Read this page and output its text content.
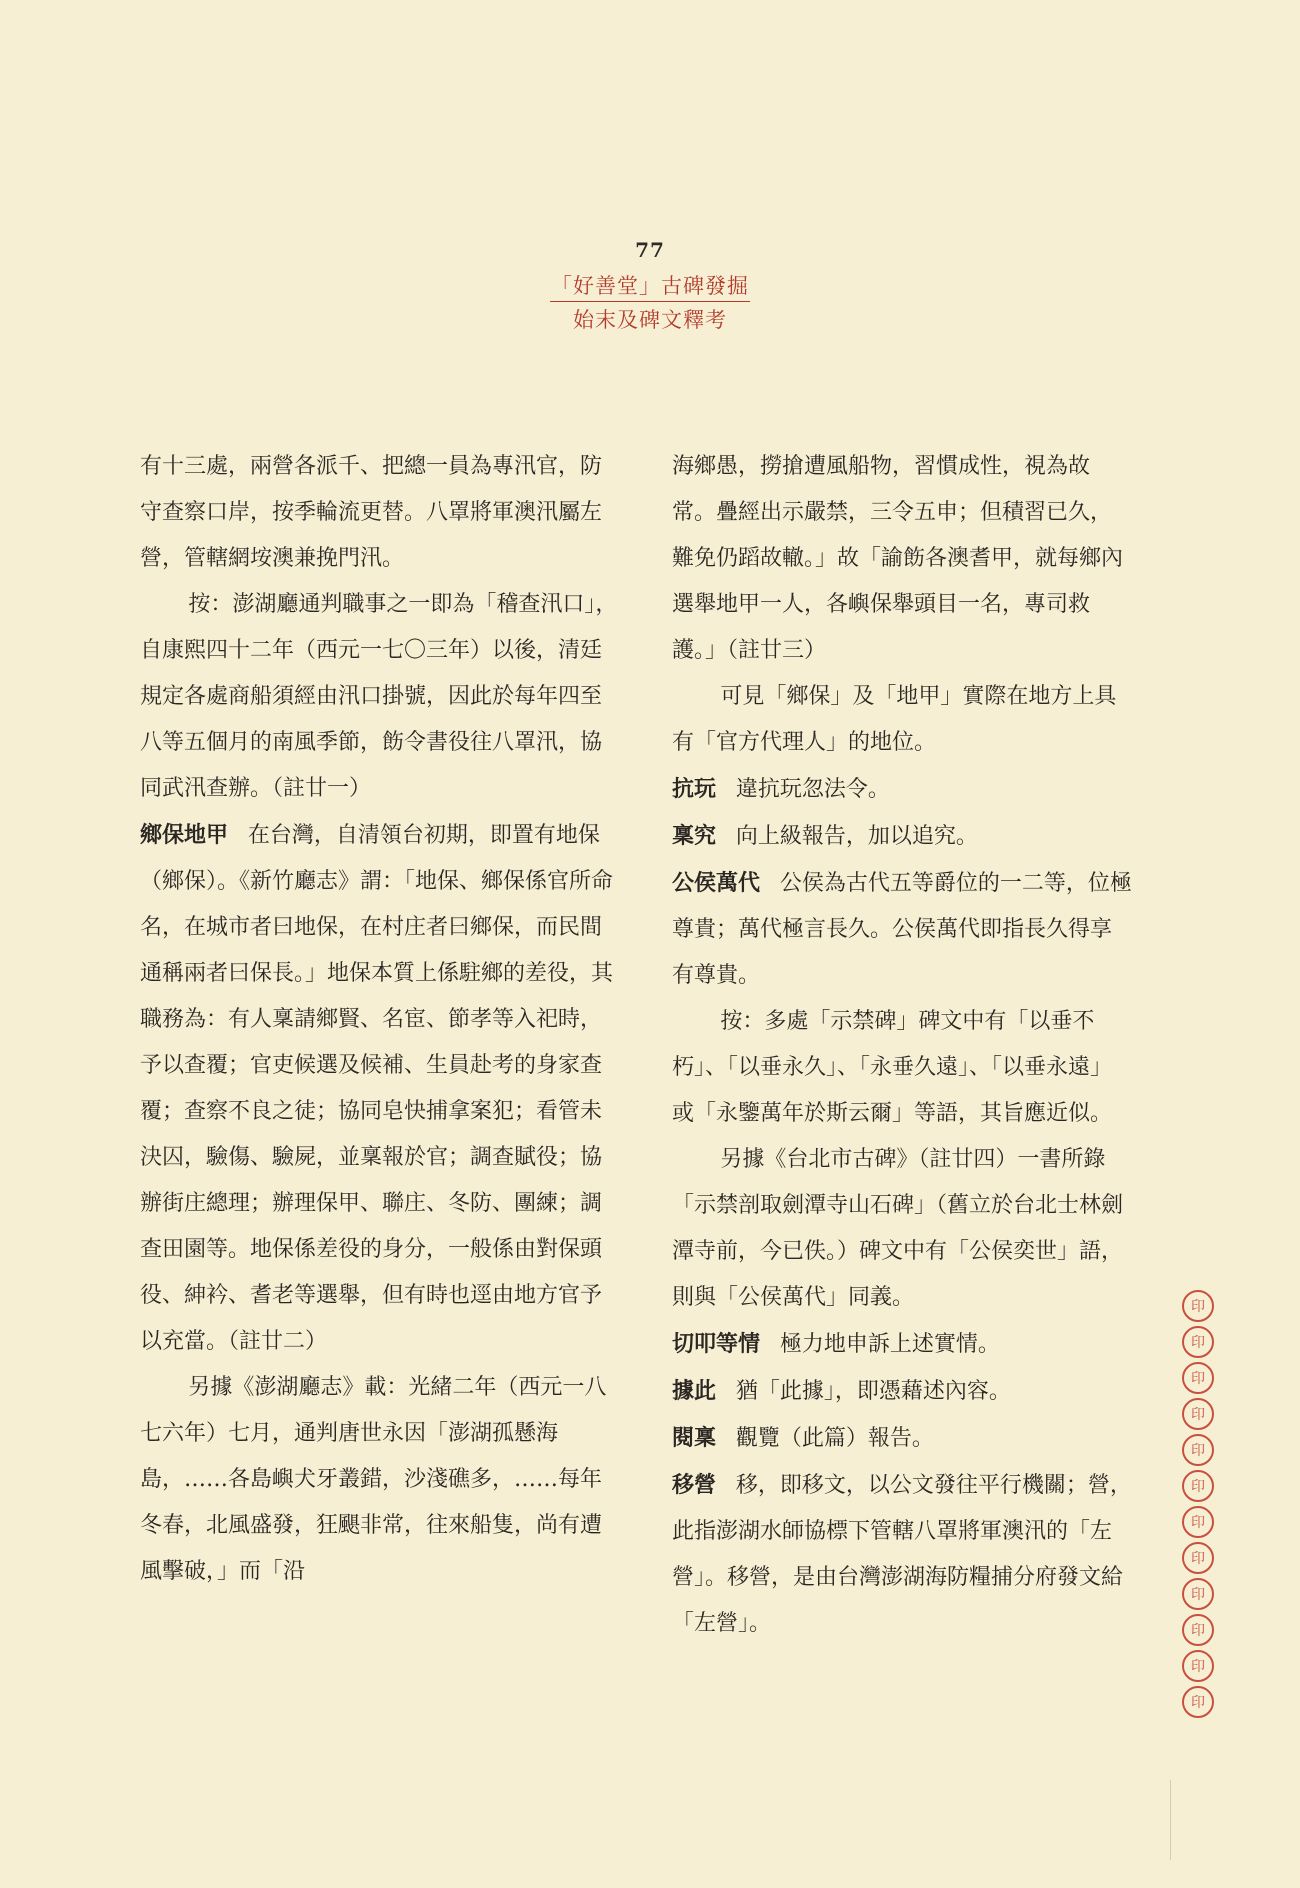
77
「好善堂」古碑發掘
始末及碑文釋考

有十三處，兩營各派千、把總一員為專汛官，防守查察口岸，按季輪流更替。八罩將軍澳汛屬左營，管轄網垵澳兼挽門汛。

按：澎湖廳通判職事之一即為「稽查汛口」，自康熙四十二年（西元一七〇三年）以後，清廷規定各處商船須經由汛口掛號，因此於每年四至八等五個月的南風季節，飭令書役往八罩汛，協同武汛查辦。（註廿一）

鄉保地甲 在台灣，自清領台初期，即置有地保（鄉保）。《新竹廳志》謂：「地保、鄉保係官所命名，在城市者曰地保，在村庄者曰鄉保，而民間通稱兩者曰保長。」地保本質上係駐鄉的差役，其職務為：有人稟請鄉賢、名宦、節孝等入祀時，予以查覆；官吏候選及候補、生員赴考的身家查覆；查察不良之徒；協同皂快捕拿案犯；看管未決囚，驗傷、驗屍，並稟報於官；調查賦役；協辦街庄總理；辦理保甲、聯庄、冬防、團練；調查田園等。地保係差役的身分，一般係由對保頭役、紳衿、耆老等選舉，但有時也逕由地方官予以充當。（註廿二）

另據《澎湖廳志》載：光緒二年（西元一八七六年）七月，通判唐世永因「澎湖孤懸海島，……各島嶼犬牙叢錯，沙淺礁多，……每年冬春，北風盛發，狂颶非常，往來船隻，尚有遭風擊破，」而「沿

海鄉愚，撈搶遭風船物，習慣成性，視為故常。疊經出示嚴禁，三令五申；但積習已久，難免仍蹈故轍。」故「諭飭各澳耆甲，就每鄉內選舉地甲一人，各嶼保舉頭目一名，專司救護。」（註廿三）

可見「鄉保」及「地甲」實際在地方上具有「官方代理人」的地位。

抗玩 違抗玩忽法令。

稟究 向上級報告，加以追究。

公侯萬代 公侯為古代五等爵位的一二等，位極尊貴；萬代極言長久。公侯萬代即指長久得享有尊貴。

按：多處「示禁碑」碑文中有「以垂不朽」、「以垂永久」、「永垂久遠」、「以垂永遠」或「永鑒萬年於斯云爾」等語，其旨應近似。

另據《台北市古碑》（註廿四）一書所錄「示禁剖取劍潭寺山石碑」（舊立於台北士林劍潭寺前，今已佚。）碑文中有「公侯奕世」語，則與「公侯萬代」同義。

切叩等情 極力地申訴上述實情。

據此 猶「此據」，即憑藉述內容。

閱稟 觀覽（此篇）報告。

移營 移，即移文，以公文發往平行機關；營，此指澎湖水師協標下管轄八罩將軍澳汛的「左營」。移營，是由台灣澎湖海防糧捕分府發文給「左營」。

印
印
印
印
印
印
印
印
印
印
印
印
